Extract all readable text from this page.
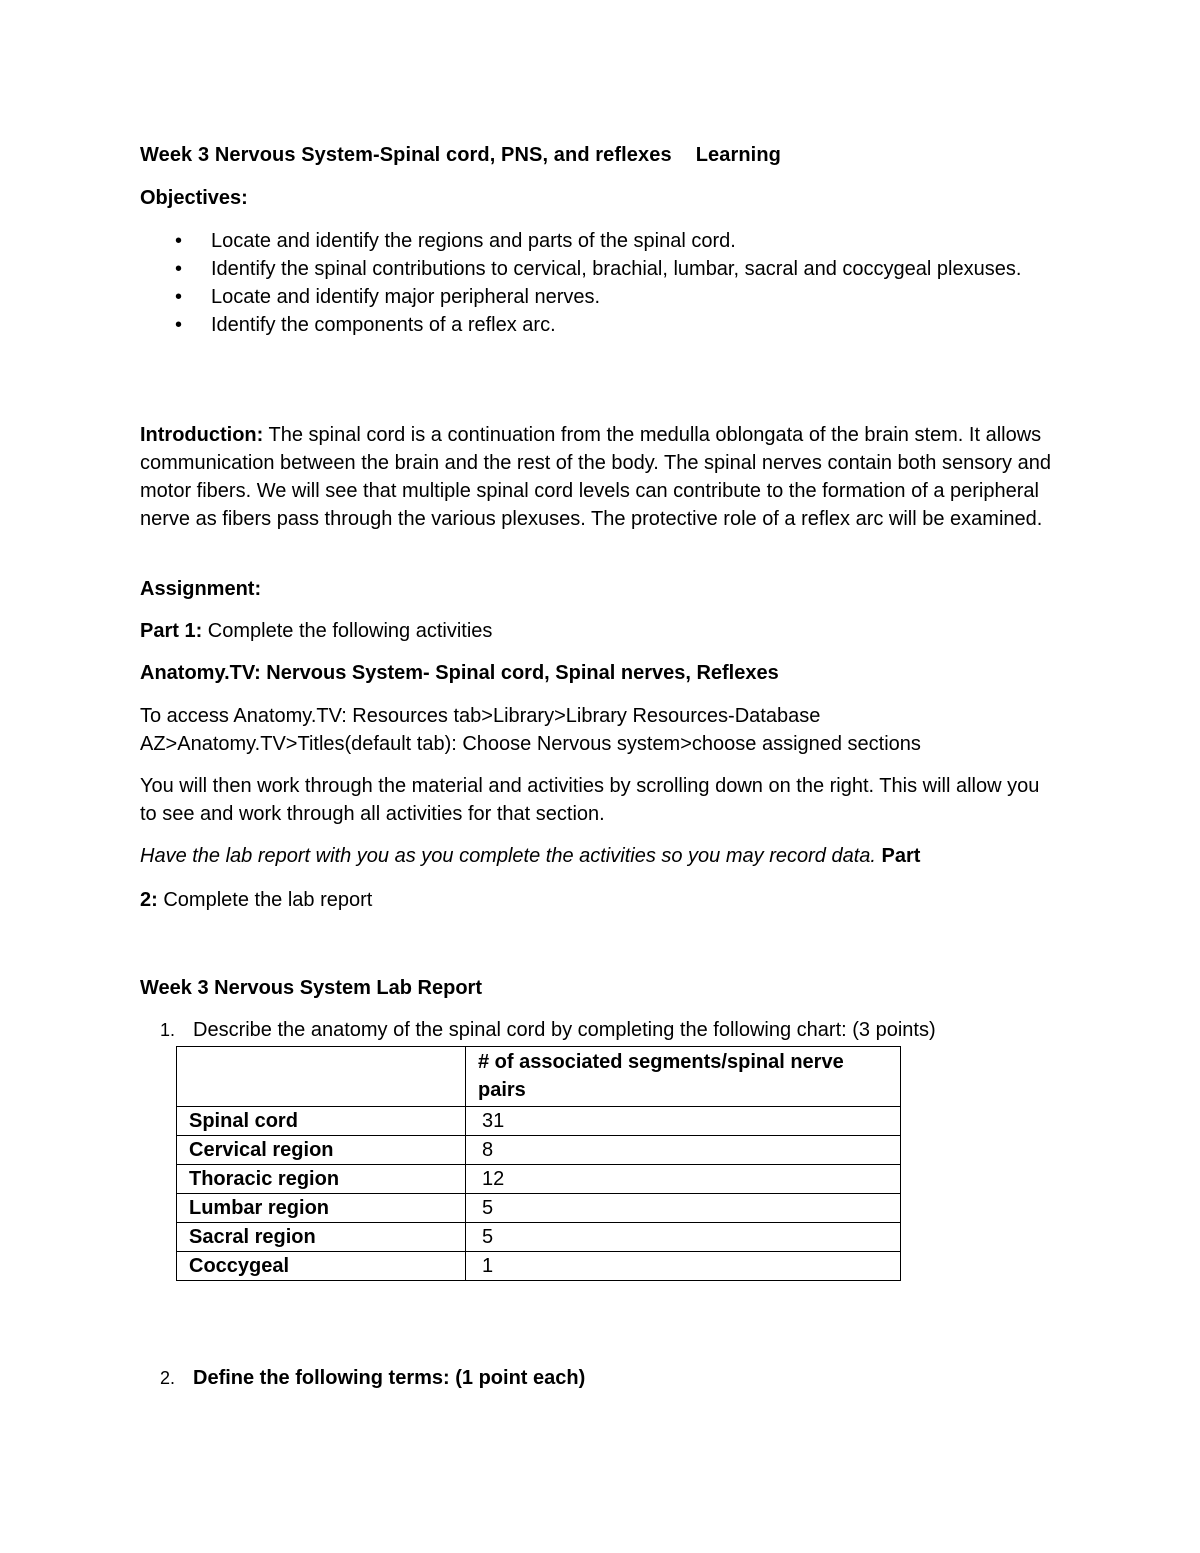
Week 3 Nervous System-Spinal cord, PNS, and reflexes Learning
Objectives:
• Locate and identify the regions and parts of the spinal cord.
• Identify the spinal contributions to cervical, brachial, lumbar, sacral and coccygeal plexuses.
• Locate and identify major peripheral nerves.
• Identify the components of a reflex arc.

Introduction: The spinal cord is a continuation from the medulla oblongata of the brain stem. It allows communication between the brain and the rest of the body. The spinal nerves contain both sensory and motor fibers. We will see that multiple spinal cord levels can contribute to the formation of a peripheral nerve as fibers pass through the various plexuses. The protective role of a reflex arc will be examined.

Assignment:
Part 1: Complete the following activities
Anatomy.TV: Nervous System- Spinal cord, Spinal nerves, Reflexes

To access Anatomy.TV: Resources tab>Library>Library Resources-Database AZ>Anatomy.TV>Titles(default tab): Choose Nervous system>choose assigned sections

You will then work through the material and activities by scrolling down on the right. This will allow you to see and work through all activities for that section.

Have the lab report with you as you complete the activities so you may record data. Part
2: Complete the lab report
Week 3 Nervous System Lab Report
1. Describe the anatomy of the spinal cord by completing the following chart: (3 points)
	# of associated segments/spinal nerve pairs
Spinal cord	31
Cervical region	8
Thoracic region	12
Lumbar region	5
Sacral region	5
Coccygeal	1
2. Define the following terms: (1 point each)
